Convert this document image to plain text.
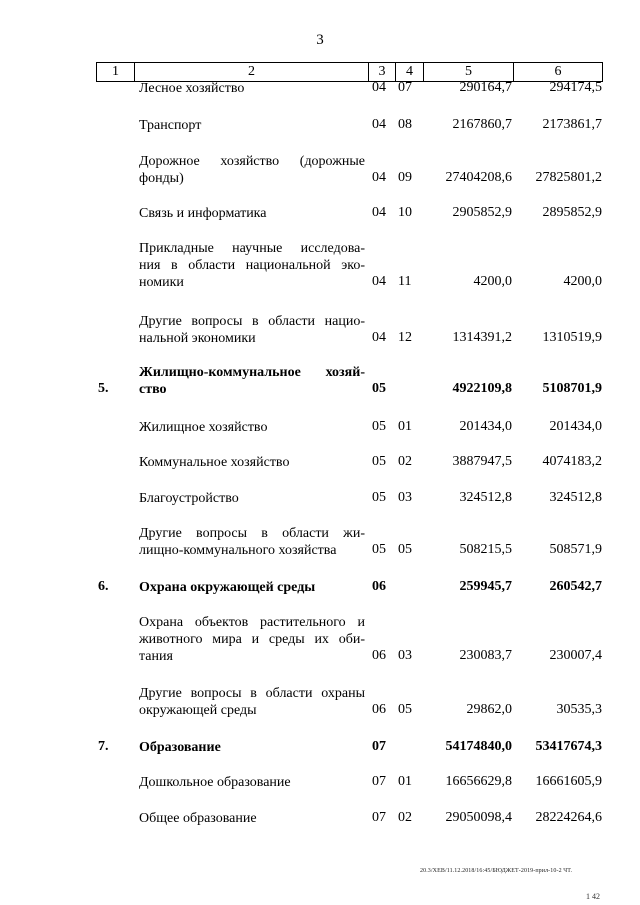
3
1	2	3	4	5	6
Лесное хозяйство	04 07	290164,7	294174,5
Транспорт	04 08	2167860,7 2173861,7
Дорожное хозяйство (дорожные
фонды)	04 09 27404208,6 27825801,2
Связь и информатика	04 10	2905852,9 2895852,9
Прикладные научные исследова-
ния в области национальной эко-
номики	04 11	4200,0	4200,0
Другие вопросы в области нацио-
нальной экономики	04 12	1314391,2 1310519,9
5.
Жилищно-коммунальное хозяй-
ство	05	4922109,8 5108701,9
Жилищное хозяйство	05 01	201434,0	201434,0
Коммунальное хозяйство	05 02	3887947,5 4074183,2
Благоустройство	05 03	324512,8	324512,8
Другие вопросы в области жи-
лищно-коммунального хозяйства	05 05	508215,5	508571,9
6. Охрана окружающей среды	06	259945,7	260542,7
Охрана объектов растительного и
животного мира и среды их оби-
тания	06 03	230083,7	230007,4
Другие вопросы в области охраны
окружающей среды	06 05	29862,0	30535,3
7. Образование	07	54174840,0 53417674,3
Дошкольное образование	07 01 16656629,8 16661605,9
Общее образование	07 02 29050098,4 28224264,6
20.3/ХЕВ/11.12.2018/16:45/БЮДЖЕТ-2019-прил-10-2 ЧТ.
1 42
